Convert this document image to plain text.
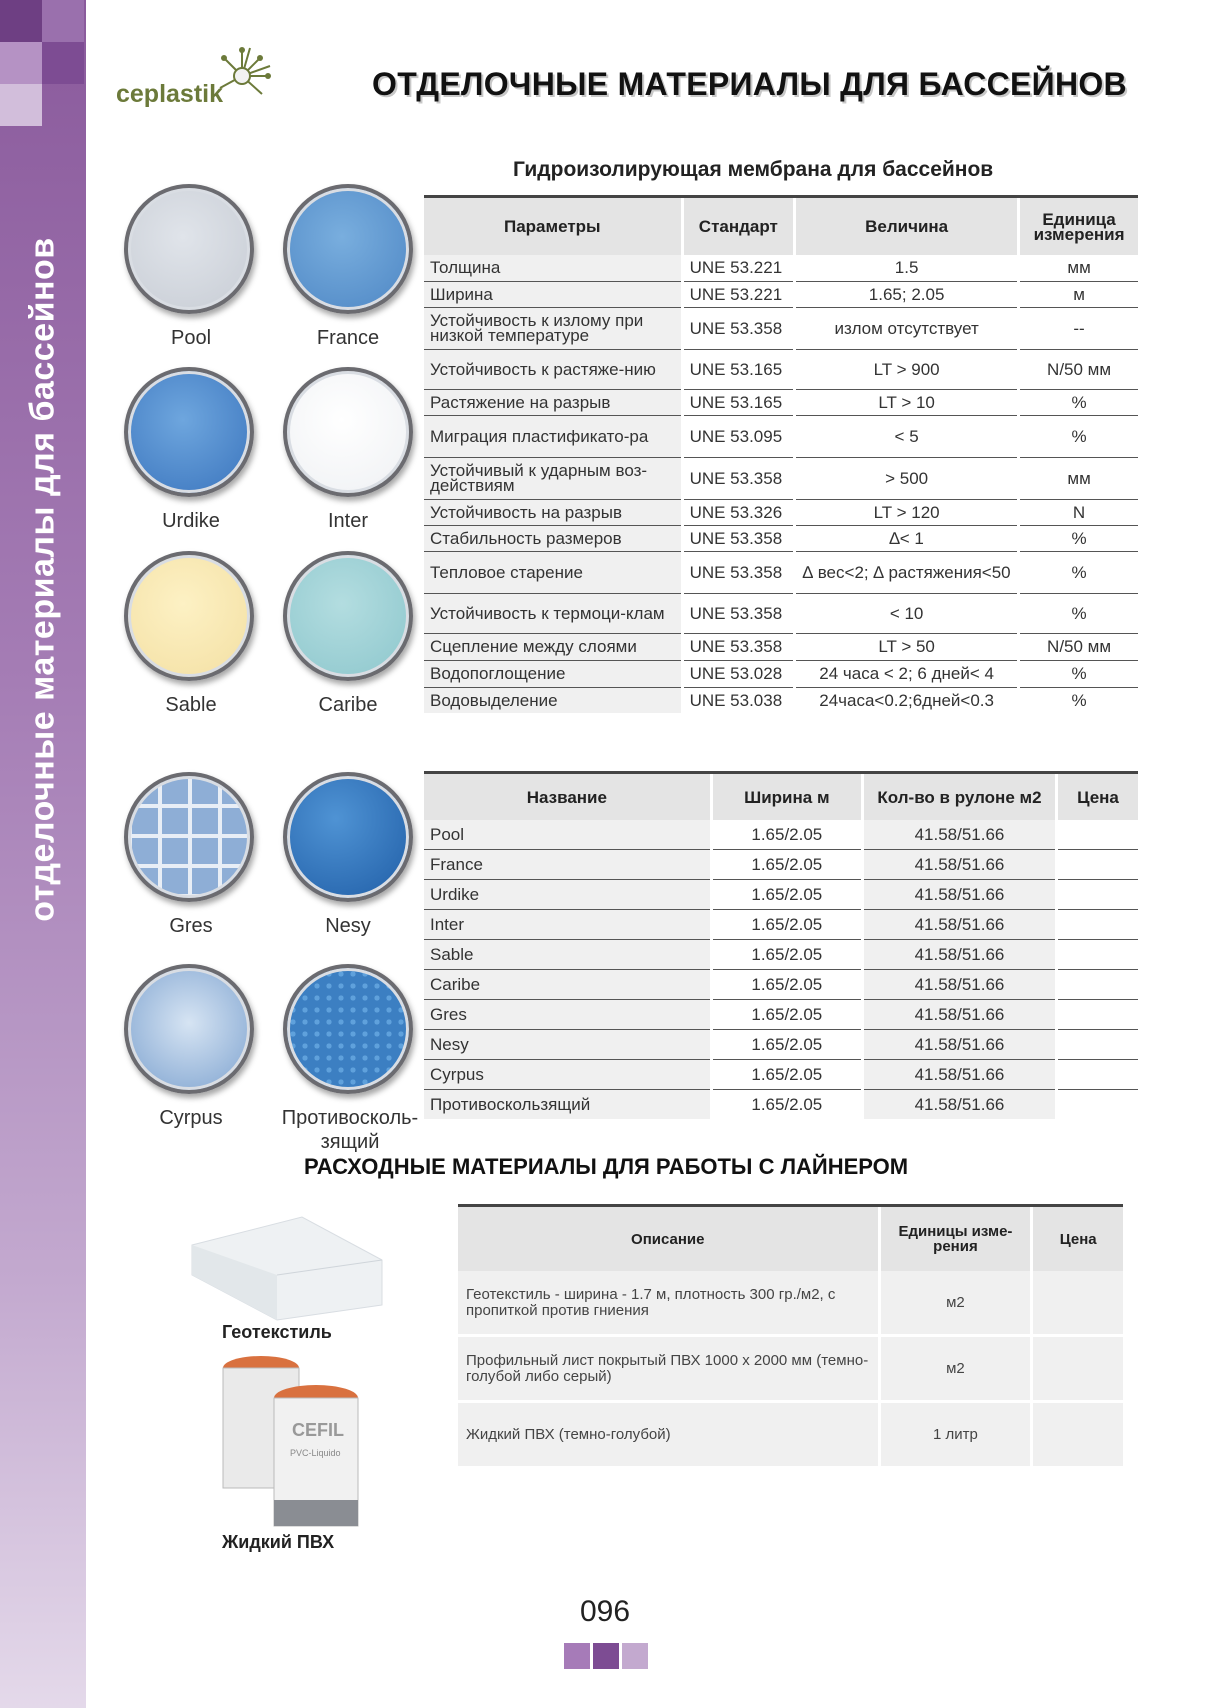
отделочные материалы для бассейнов
ceplastik	ОТДЕЛОЧНЫЕ МАТЕРИАЛЫ ДЛЯ БАССЕЙНОВ
Гидроизолирующая мембрана для бассейнов
Pool	France
Urdike	Inter
Sable	Caribe
Gres	Nesy
Cyrpus	Противосколь-зящий
Параметры	Стандарт	Величина	Единица измерения
Толщина	UNE 53.221	1.5	мм
Ширина	UNE 53.221	1.65; 2.05	м
Устойчивость к излому при низкой температуре	UNE 53.358	излом отсутствует	--
Устойчивость к растяже-нию	UNE 53.165	LT > 900	N/50 мм
Растяжение на разрыв	UNE 53.165	LT > 10	%
Миграция пластификато-ра	UNE 53.095	< 5	%
Устойчивый к ударным воз-действиям	UNE 53.358	> 500	мм
Устойчивость на разрыв	UNE 53.326	LT > 120	N
Стабильность размеров	UNE 53.358	∆< 1	%
Тепловое старение	UNE 53.358	∆ вес<2; ∆ растяжения<50	%
Устойчивость к термоци-клам	UNE 53.358	< 10	%
Сцепление между слоями	UNE 53.358	LT > 50	N/50 мм
Водопоглощение	UNE 53.028	24 часа < 2; 6 дней< 4	%
Водовыделение	UNE 53.038	24часа<0.2;6дней<0.3	%
Название	Ширина м	Кол-во в рулоне м2	Цена
Pool	1.65/2.05	41.58/51.66	
France	1.65/2.05	41.58/51.66	
Urdike	1.65/2.05	41.58/51.66	
Inter	1.65/2.05	41.58/51.66	
Sable	1.65/2.05	41.58/51.66	
Caribe	1.65/2.05	41.58/51.66	
Gres	1.65/2.05	41.58/51.66	
Nesy	1.65/2.05	41.58/51.66	
Cyrpus	1.65/2.05	41.58/51.66	
Противоскользящий	1.65/2.05	41.58/51.66	
РАСХОДНЫЕ МАТЕРИАЛЫ ДЛЯ РАБОТЫ С ЛАЙНЕРОМ
Геотекстиль
CEFIL
PVC-Liquido
Жидкий ПВХ
Описание	Единицы изме-рения	Цена
Геотекстиль - ширина - 1.7 м, плотность 300 гр./м2, с пропиткой против гниения	м2	
Профильный лист покрытый ПВХ 1000 х 2000 мм (темно-голубой либо серый)	м2	
Жидкий ПВХ (темно-голубой)	1 литр	
096
